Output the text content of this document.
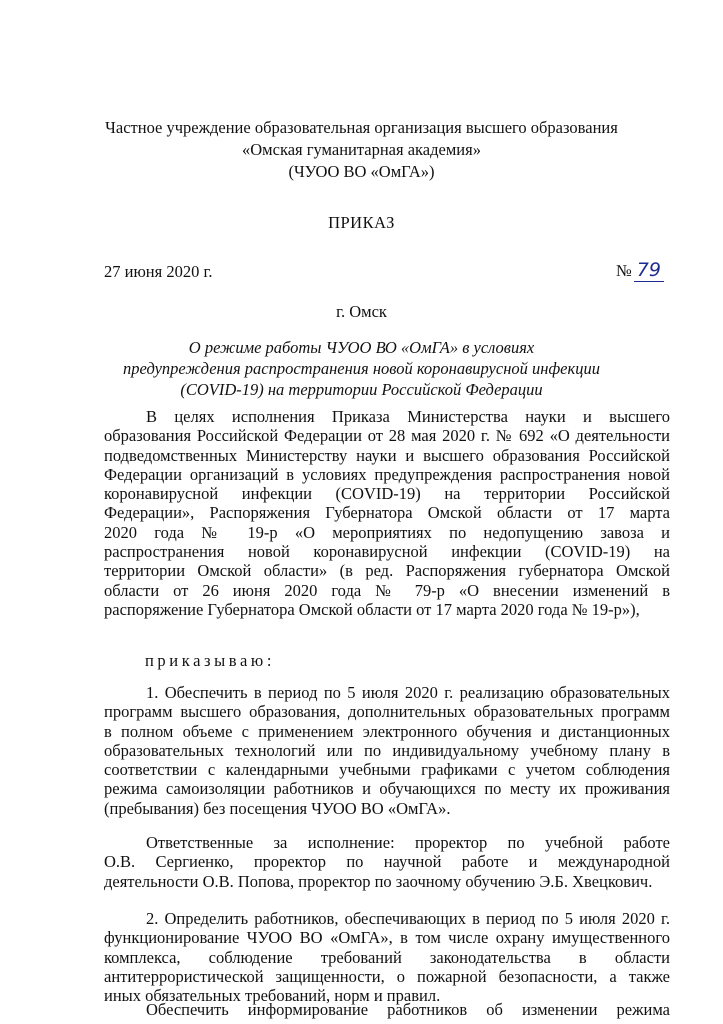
Частное учреждение образовательная организация высшего образования
«Омская гуманитарная академия»
(ЧУОО ВО «ОмГА»)
ПРИКАЗ
27 июня 2020 г.	№ 79
г. Омск
О режиме работы ЧУОО ВО «ОмГА» в условиях
предупреждения распространения новой коронавирусной инфекции
(COVID-19) на территории Российской Федерации
В целях исполнения Приказа Министерства науки и высшего
образования Российской Федерации от 28 мая 2020 г. № 692 «О деятельности
подведомственных Министерству науки и высшего образования Российской
Федерации организаций в условиях предупреждения распространения новой
коронавирусной инфекции (COVID-19) на территории Российской
Федерации», Распоряжения Губернатора Омской области от 17 марта
2020 года № 19-р «О мероприятиях по недопущению завоза и
распространения новой коронавирусной инфекции (COVID-19) на
территории Омской области» (в ред. Распоряжения губернатора Омской
области от 26 июня 2020 года № 79-р «О внесении изменений в
распоряжение Губернатора Омской области от 17 марта 2020 года № 19-р»),
приказываю:
1. Обеспечить в период по 5 июля 2020 г. реализацию образовательных
программ высшего образования, дополнительных образовательных программ
в полном объеме с применением электронного обучения и дистанционных
образовательных технологий или по индивидуальному учебному плану в
соответствии с календарными учебными графиками с учетом соблюдения
режима самоизоляции работников и обучающихся по месту их проживания
(пребывания) без посещения ЧУОО ВО «ОмГА».
Ответственные за исполнение: проректор по учебной работе
О.В. Сергиенко, проректор по научной работе и международной
деятельности О.В. Попова, проректор по заочному обучению Э.Б. Хвецкович.
2. Определить работников, обеспечивающих в период по 5 июля 2020 г.
функционирование ЧУОО ВО «ОмГА», в том числе охрану имущественного
комплекса, соблюдение требований законодательства в области
антитеррористической защищенности, о пожарной безопасности, а также
иных обязательных требований, норм и правил.
Обеспечить информирование работников об изменении режима
